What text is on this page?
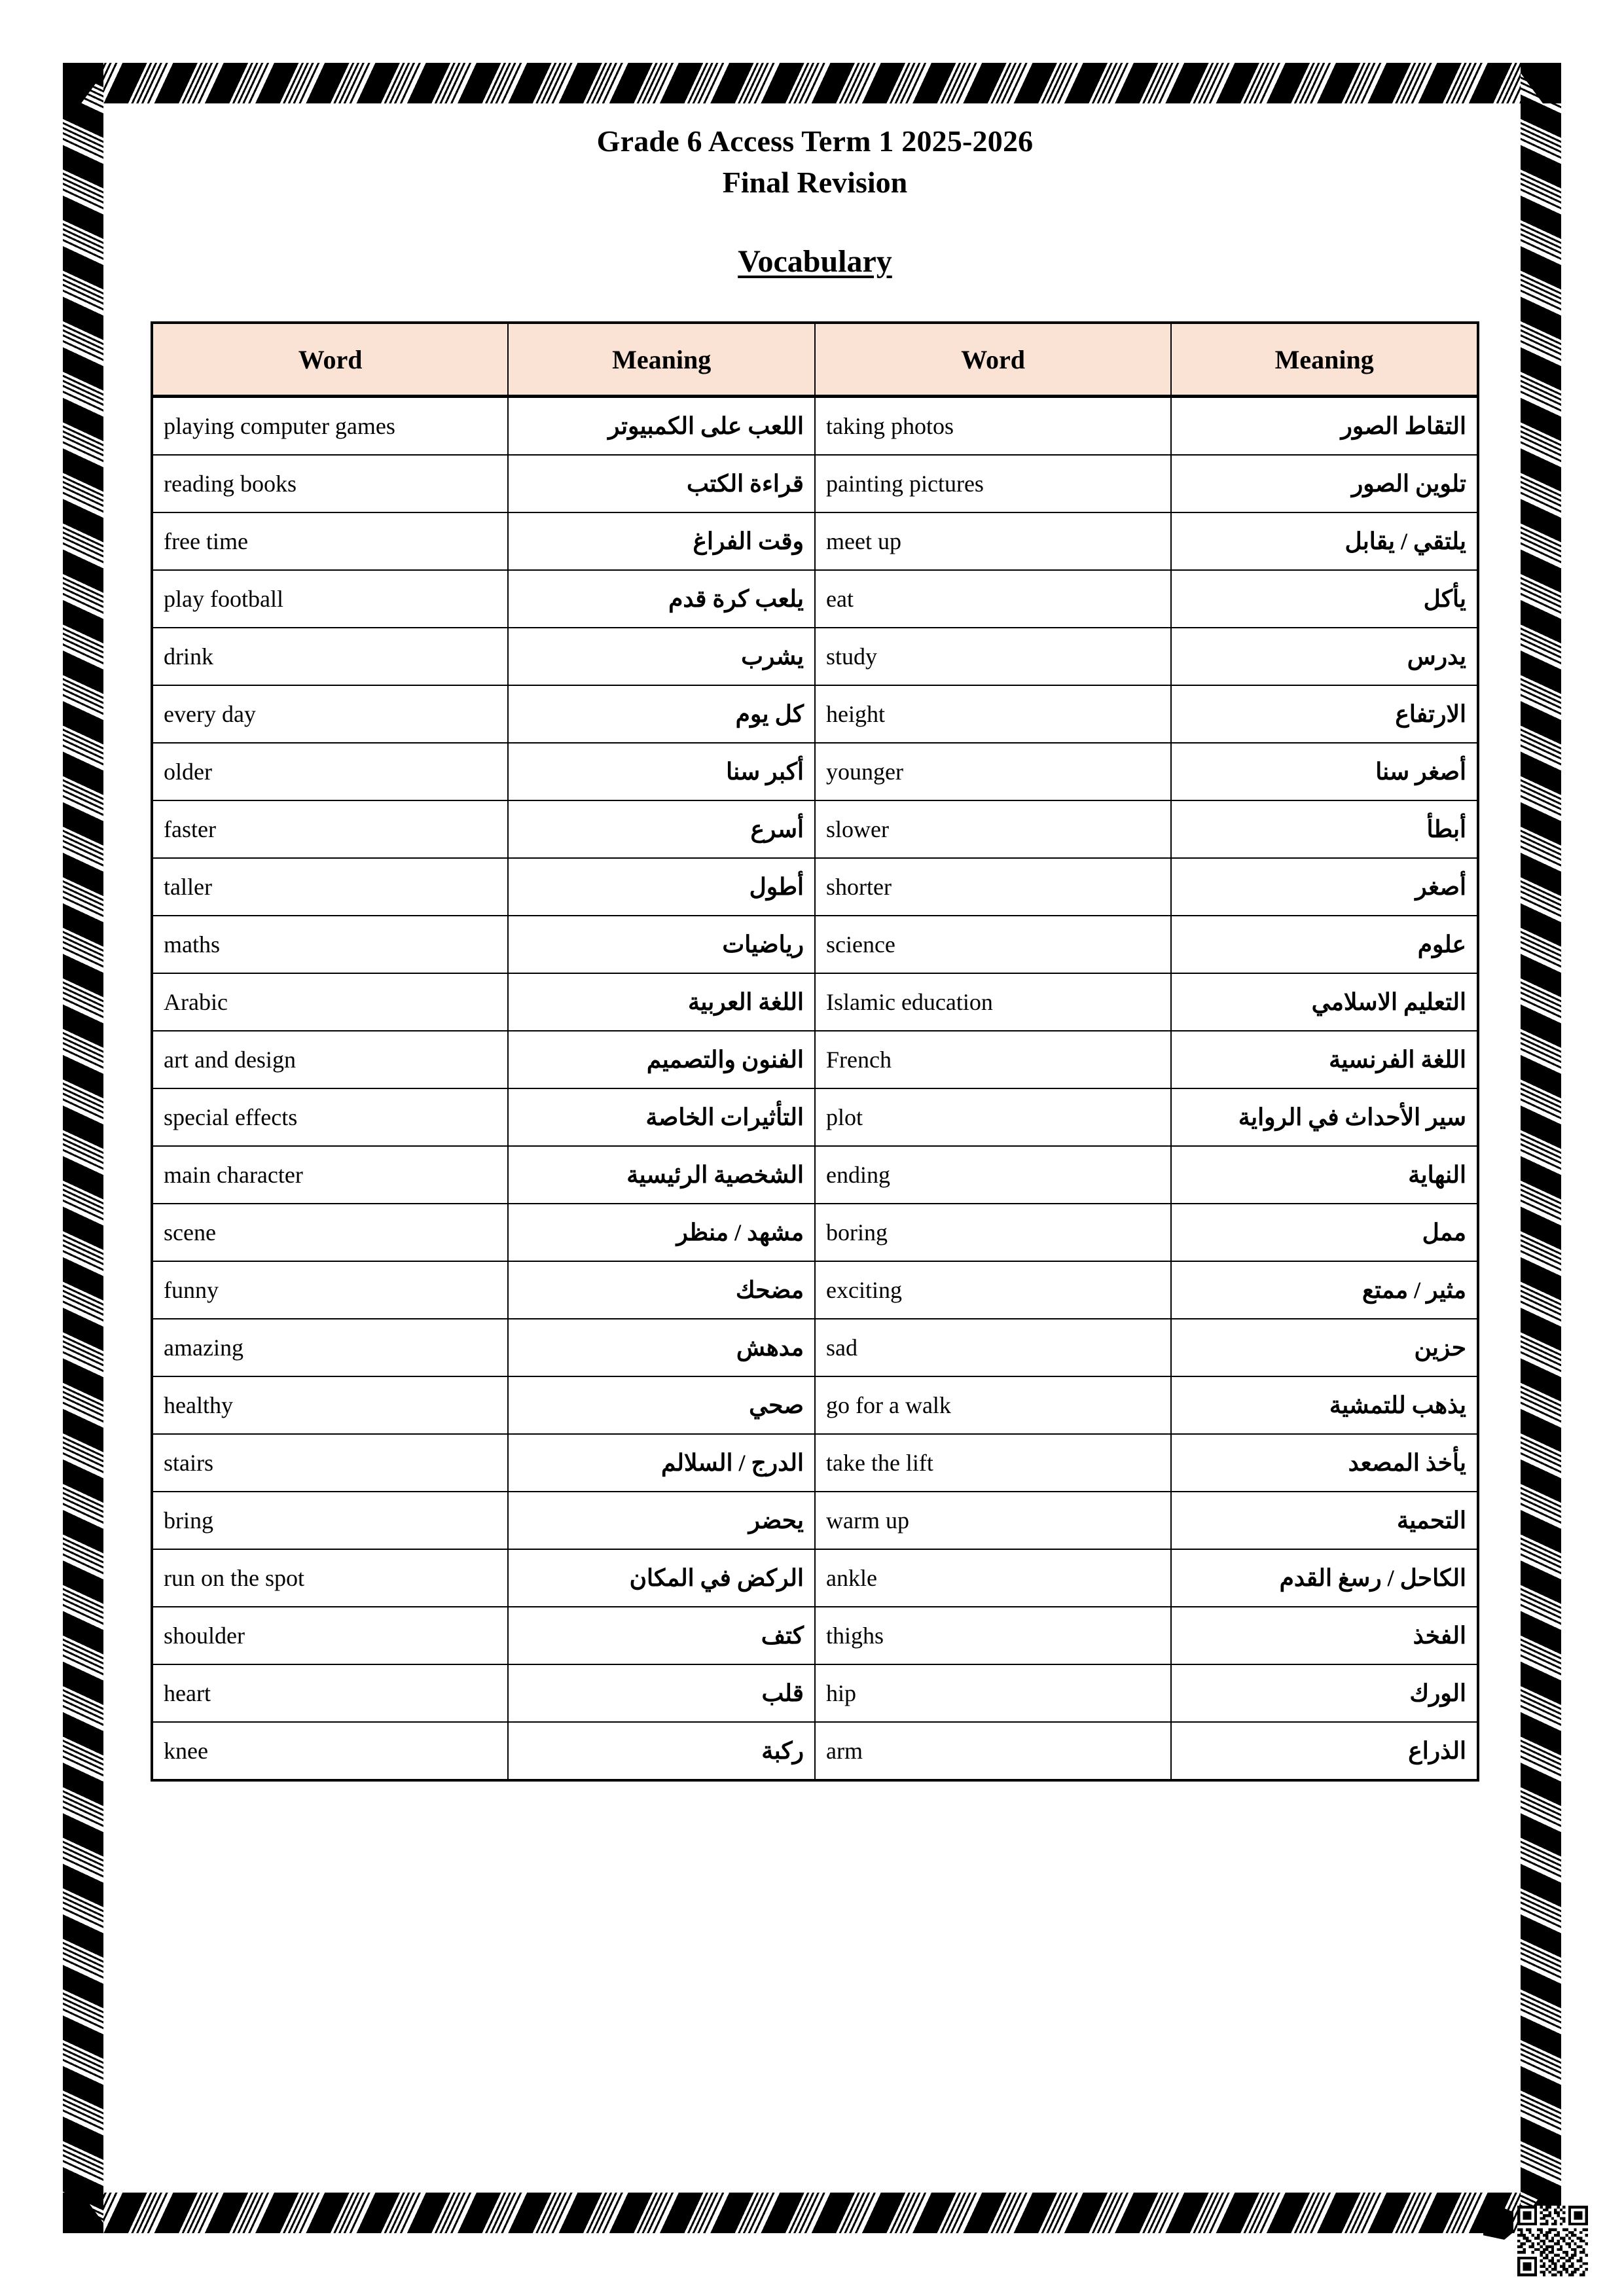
Grade 6 Access Term 1 2025-2026
Final Revision
Vocabulary
Word	Meaning	Word	Meaning
playing computer games	اللعب على الكمبيوتر	taking photos	التقاط الصور
reading books	قراءة الكتب	painting pictures	تلوين الصور
free time	وقت الفراغ	meet up	يلتقي / يقابل
play football	يلعب كرة قدم	eat	يأكل
drink	يشرب	study	يدرس
every day	كل يوم	height	الارتفاع
older	أكبر سنا	younger	أصغر سنا
faster	أسرع	slower	أبطأ
taller	أطول	shorter	أصغر
maths	رياضيات	science	علوم
Arabic	اللغة العربية	Islamic education	التعليم الاسلامي
art and design	الفنون والتصميم	French	اللغة الفرنسية
special effects	التأثيرات الخاصة	plot	سير الأحداث في الرواية
main character	الشخصية الرئيسية	ending	النهاية
scene	مشهد / منظر	boring	ممل
funny	مضحك	exciting	مثير / ممتع
amazing	مدهش	sad	حزين
healthy	صحي	go for a walk	يذهب للتمشية
stairs	الدرج / السلالم	take the lift	يأخذ المصعد
bring	يحضر	warm up	التحمية
run on the spot	الركض في المكان	ankle	الكاحل / رسغ القدم
shoulder	كتف	thighs	الفخذ
heart	قلب	hip	الورك
knee	ركبة	arm	الذراع
